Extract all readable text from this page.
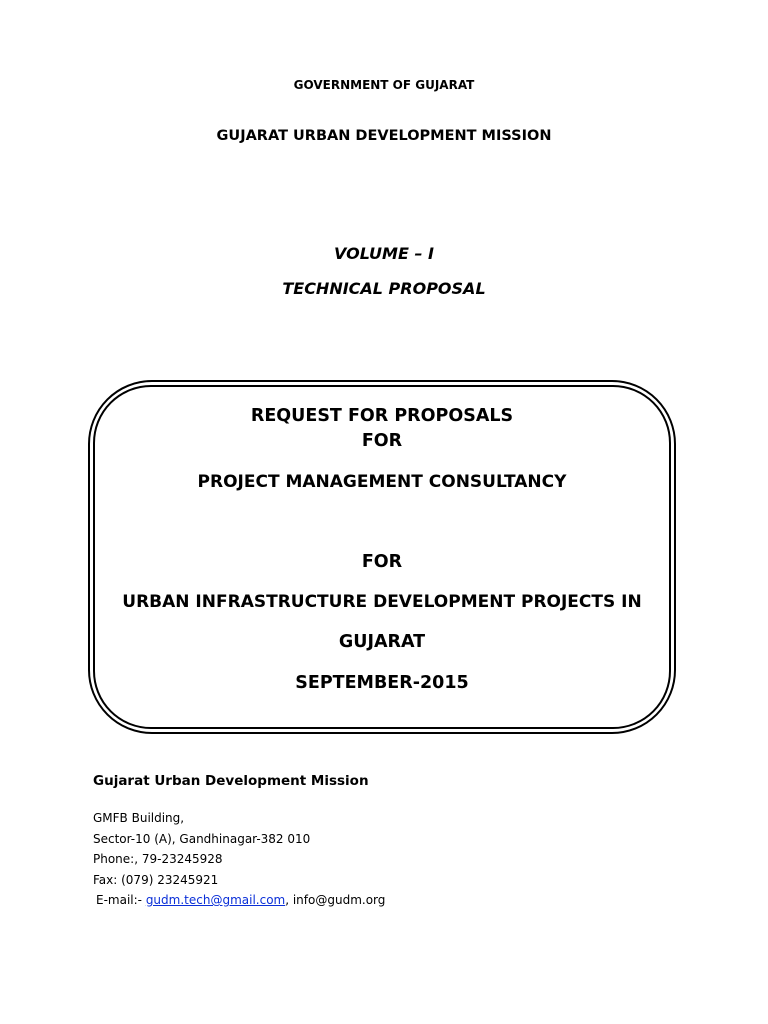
GOVERNMENT OF GUJARAT
GUJARAT URBAN DEVELOPMENT MISSION
VOLUME – I
TECHNICAL PROPOSAL
REQUEST FOR PROPOSALS
FOR
PROJECT MANAGEMENT CONSULTANCY
FOR
URBAN INFRASTRUCTURE DEVELOPMENT PROJECTS IN
GUJARAT
SEPTEMBER-2015
Gujarat Urban Development Mission
GMFB Building,
Sector-10 (A), Gandhinagar-382 010
Phone:, 79-23245928
Fax: (079) 23245921
E-mail:- gudm.tech@gmail.com, info@gudm.org
